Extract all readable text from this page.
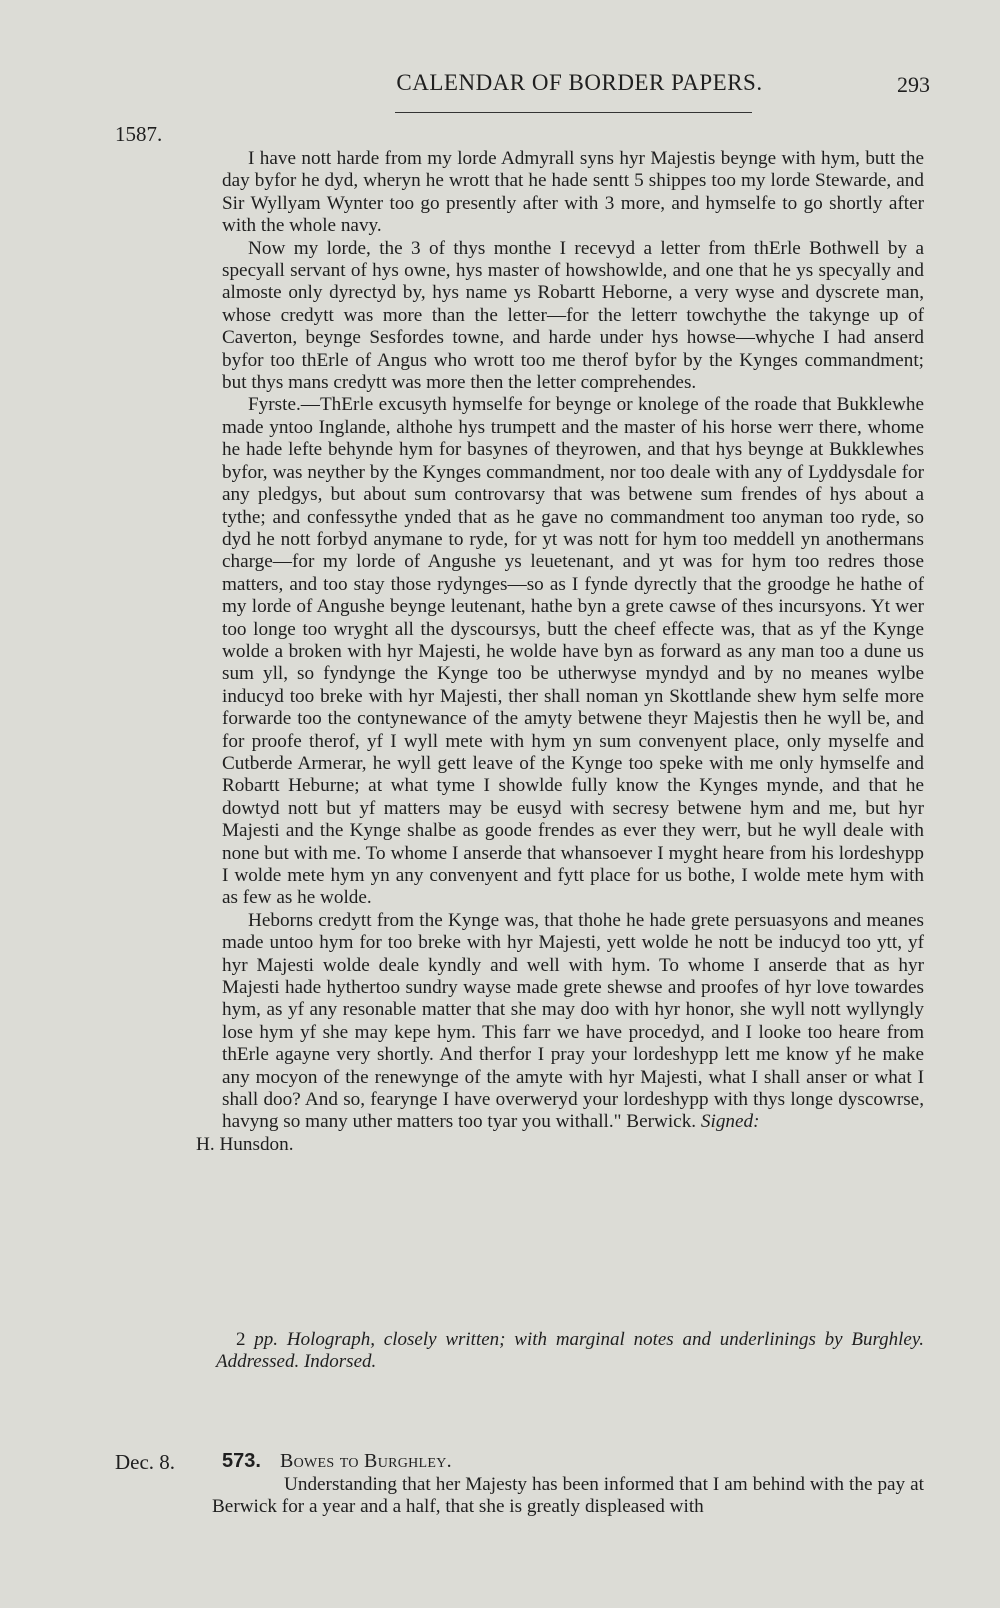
CALENDAR OF BORDER PAPERS.	293
1587.

I have nott harde from my lorde Admyrall syns hyr Majestis beynge with hym, butt the day byfor he dyd, wheryn he wrott that he hade sentt 5 shippes too my lorde Stewarde, and Sir Wyllyam Wynter too go presently after with 3 more, and hymselfe to go shortly after with the whole navy.

Now my lorde, the 3 of thys monthe I recevyd a letter from thErle Bothwell by a specyall servant of hys owne, hys master of howshowlde, and one that he ys specyally and almoste only dyrectyd by, hys name ys Robartt Heborne, a very wyse and dyscrete man, whose credytt was more than the letter—for the letterr towchythe the takynge up of Caverton, beynge Sesfordes towne, and harde under hys howse—whyche I had anserd byfor too thErle of Angus who wrott too me therof byfor by the Kynges commandment; but thys mans credytt was more then the letter comprehendes.

Fyrste.—ThErle excusyth hymselfe for beynge or knolege of the roade that Bukklewhe made yntoo Inglande, althohe hys trumpett and the master of his horse werr there, whome he hade lefte behynde hym for basynes of theyrowen, and that hys beynge at Bukklewhes byfor, was neyther by the Kynges commandment, nor too deale with any of Lyddysdale for any pledgys, but about sum controvarsy that was betwene sum frendes of hys about a tythe; and confessythe ynded that as he gave no commandment too anyman too ryde, so dyd he nott forbyd anymane to ryde, for yt was nott for hym too meddell yn anothermans charge—for my lorde of Angushe ys leuetenant, and yt was for hym too redres those matters, and too stay those rydynges—so as I fynde dyrectly that the groodge he hathe of my lorde of Angushe beynge leutenant, hathe byn a grete cawse of thes incursyons. Yt wer too longe too wryght all the dyscoursys, butt the cheef effecte was, that as yf the Kynge wolde a broken with hyr Majesti, he wolde have byn as forward as any man too a dune us sum yll, so fyndynge the Kynge too be utherwyse myndyd and by no meanes wylbe inducyd too breke with hyr Majesti, ther shall noman yn Skottlande shew hym selfe more forwarde too the contynewance of the amyty betwene theyr Majestis then he wyll be, and for proofe therof, yf I wyll mete with hym yn sum convenyent place, only myselfe and Cutberde Armerar, he wyll gett leave of the Kynge too speke with me only hymselfe and Robartt Heburne; at what tyme I showlde fully know the Kynges mynde, and that he dowtyd nott but yf matters may be eusyd with secresy betwene hym and me, but hyr Majesti and the Kynge shalbe as goode frendes as ever they werr, but he wyll deale with none but with me. To whome I anserde that whansoever I myght heare from his lordeshypp I wolde mete hym yn any convenyent and fytt place for us bothe, I wolde mete hym with as few as he wolde.

Heborns credytt from the Kynge was, that thohe he hade grete persuasyons and meanes made untoo hym for too breke with hyr Majesti, yett wolde he nott be inducyd too ytt, yf hyr Majesti wolde deale kyndly and well with hym. To whome I anserde that as hyr Majesti hade hythertoo sundry wayse made grete shewse and proofes of hyr love towardes hym, as yf any resonable matter that she may doo with hyr honor, she wyll nott wyllyngly lose hym yf she may kepe hym. This farr we have procedyd, and I looke too heare from thErle agayne very shortly. And therfor I pray your lordeshypp lett me know yf he make any mocyon of the renewynge of the amyte with hyr Majesti, what I shall anser or what I shall doo? And so, fearynge I have overweryd your lordeshypp with thys longe dyscowrse, havyng so many uther matters too tyar you withall." Berwick. Signed:
H. Hunsdon.

2 pp. Holograph, closely written; with marginal notes and underlinings by Burghley. Addressed. Indorsed.
Dec. 8. 573. Bowes to Burghley.
Understanding that her Majesty has been informed that I am behind with the pay at Berwick for a year and a half, that she is greatly displeased with
